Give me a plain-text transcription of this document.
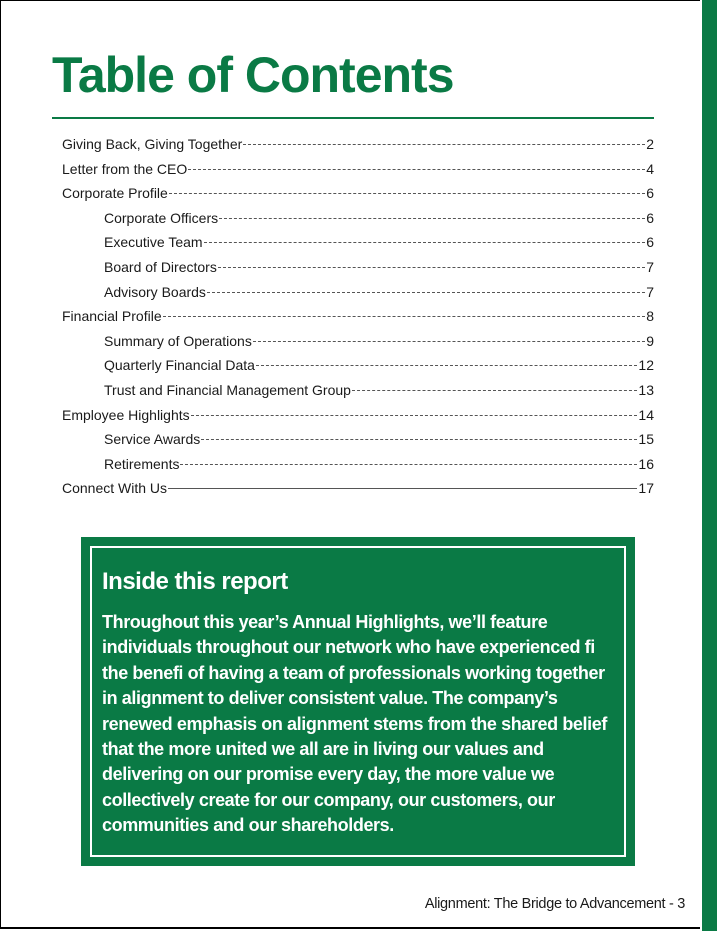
Table of Contents
Giving Back, Giving Together	2
Letter from the CEO	4
Corporate Profile	6
Corporate Officers	6
Executive Team	6
Board of Directors	7
Advisory Boards	7
Financial Profile	8
Summary of Operations	9
Quarterly Financial Data	12
Trust and Financial Management Group	13
Employee Highlights	14
Service Awards	15
Retirements	16
Connect With Us	17
Inside this report

Throughout this year’s Annual Highlights, we’ll feature individuals throughout our network who have experienced fi the benefi of having a team of professionals working together in alignment to deliver consistent value. The company’s renewed emphasis on alignment stems from the shared belief that the more united we all are in living our values and delivering on our promise every day, the more value we collectively create for our company, our customers, our communities and our shareholders.

Alignment: The Bridge to Advancement - 3
